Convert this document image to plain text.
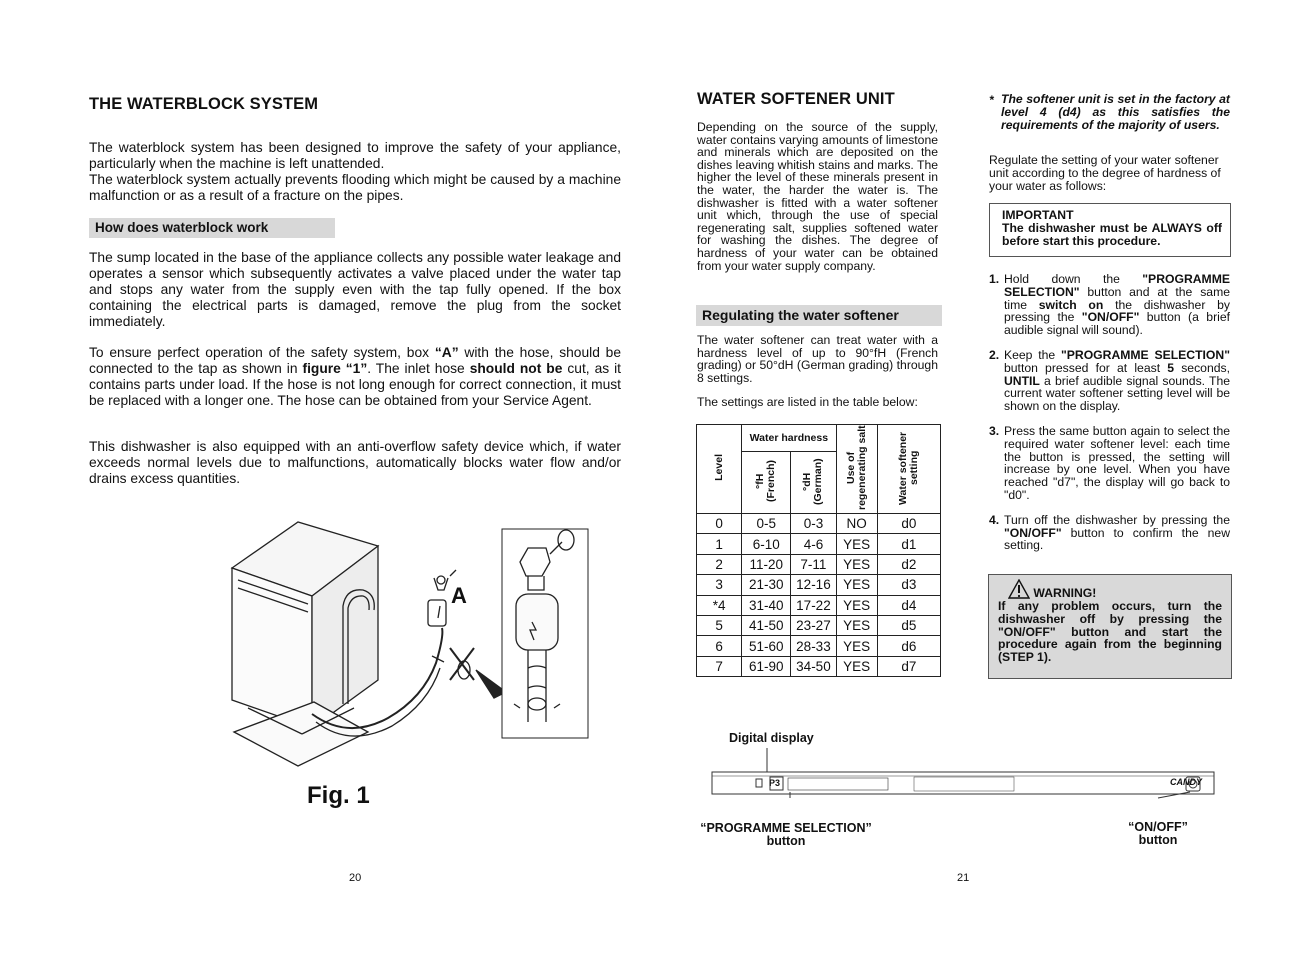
THE WATERBLOCK SYSTEM

The waterblock system has been designed to improve the safety of your appliance, particularly when the machine is left unattended.

The waterblock system actually prevents flooding which might be caused by a machine malfunction or as a result of a fracture on the pipes.

How does waterblock work

The sump located in the base of the appliance collects any possible water leakage and operates a sensor which subsequently activates a valve placed under the water tap and stops any water from the supply even with the tap fully opened. If the box containing the electrical parts is damaged, remove the plug from the socket immediately.

To ensure perfect operation of the safety system, box “A” with the hose, should be connected to the tap as shown in figure “1”. The inlet hose should not be cut, as it contains parts under load. If the hose is not long enough for correct connection, it must be replaced with a longer one. The hose can be obtained from your Service Agent.

This dishwasher is also equipped with an anti-overflow safety device which, if water exceeds normal levels due to malfunctions, automatically blocks water flow and/or drains excess quantities.

A
Fig. 1
20
WATER SOFTENER UNIT

Depending on the source of the supply, water contains varying amounts of limestone and minerals which are deposited on the dishes leaving whitish stains and marks. The higher the level of these minerals present in the water, the harder the water is. The dishwasher is fitted with a water softener unit which, through the use of special regenerating salt, supplies softened water for washing the dishes. The degree of hardness of your water can be obtained from your water supply company.

Regulating the water softener

The water softener can treat water with a hardness level of up to 90°fH (French grading) or 50°dH (German grading) through 8 settings.

The settings are listed in the table below:

Level	Water hardness		Use of regenerating salt	Water softener setting
	°fH (French)	°dH (German)		
0	0-5	0-3	NO	d0
1	6-10	4-6	YES	d1
2	11-20	7-11	YES	d2
3	21-30	12-16	YES	d3
*4	31-40	17-22	YES	d4
5	41-50	23-27	YES	d5
6	51-60	28-33	YES	d6
7	61-90	34-50	YES	d7
Digital display

P3	CANDY
“PROGRAMME SELECTION”
button
“ON/OFF”
button
21
* The softener unit is set in the factory at level 4 (d4) as this satisfies the requirements of the majority of users.

Regulate the setting of your water softener unit according to the degree of hardness of your water as follows:

IMPORTANT
The dishwasher must be ALWAYS off before start this procedure.
1. Hold down the "PROGRAMME SELECTION" button and at the same time switch on the dishwasher by pressing the "ON/OFF" button (a brief audible signal will sound).
2. Keep the "PROGRAMME SELECTION" button pressed for at least 5 seconds, UNTIL a brief audible signal sounds. The current water softener setting level will be shown on the display.
3. Press the same button again to select the required water softener level: each time the button is pressed, the setting will increase by one level. When you have reached "d7", the display will go back to "d0".
4. Turn off the dishwasher by pressing the "ON/OFF" button to confirm the new setting.
WARNING!
If any problem occurs, turn the dishwasher off by pressing the "ON/OFF" button and start the procedure again from the beginning (STEP 1).
